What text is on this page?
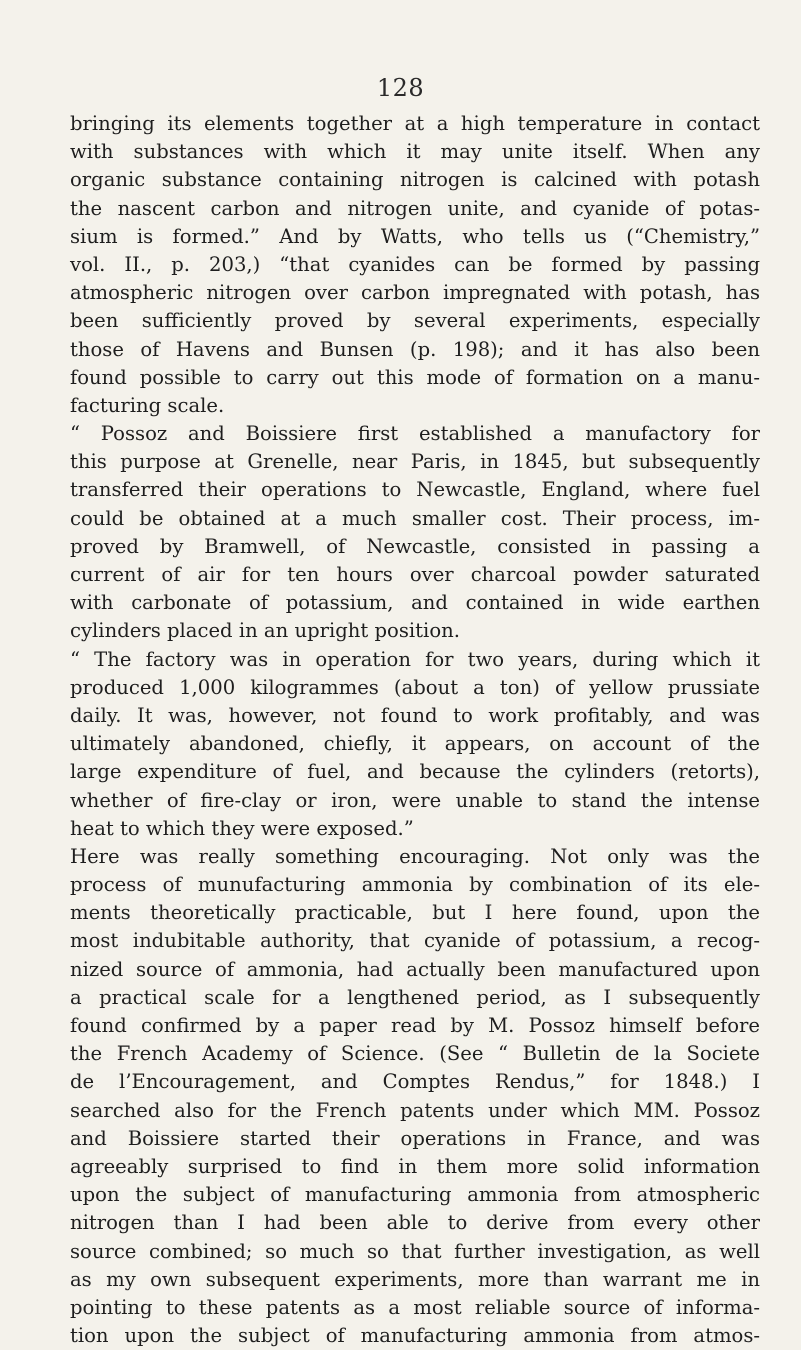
128
bringing its elements together at a high temperature in contact
with substances with which it may unite itself. When any
organic substance containing nitrogen is calcined with potash
the nascent carbon and nitrogen unite, and cyanide of potas-
sium is formed.” And by Watts, who tells us (“Chemistry,”
vol. II., p. 203,) “that cyanides can be formed by passing
atmospheric nitrogen over carbon impregnated with potash, has
been sufficiently proved by several experiments, especially
those of Havens and Bunsen (p. 198); and it has also been
found possible to carry out this mode of formation on a manu-
facturing scale.
“ Possoz and Boissiere first established a manufactory for
this purpose at Grenelle, near Paris, in 1845, but subsequently
transferred their operations to Newcastle, England, where fuel
could be obtained at a much smaller cost. Their process, im-
proved by Bramwell, of Newcastle, consisted in passing a
current of air for ten hours over charcoal powder saturated
with carbonate of potassium, and contained in wide earthen
cylinders placed in an upright position.
“ The factory was in operation for two years, during which it
produced 1,000 kilogrammes (about a ton) of yellow prussiate
daily. It was, however, not found to work profitably, and was
ultimately abandoned, chiefly, it appears, on account of the
large expenditure of fuel, and because the cylinders (retorts),
whether of fire-clay or iron, were unable to stand the intense
heat to which they were exposed.”
Here was really something encouraging. Not only was the
process of munufacturing ammonia by combination of its ele-
ments theoretically practicable, but I here found, upon the
most indubitable authority, that cyanide of potassium, a recog-
nized source of ammonia, had actually been manufactured upon
a practical scale for a lengthened period, as I subsequently
found confirmed by a paper read by M. Possoz himself before
the French Academy of Science. (See “ Bulletin de la Societe
de l’Encouragement, and Comptes Rendus,” for 1848.) I
searched also for the French patents under which MM. Possoz
and Boissiere started their operations in France, and was
agreeably surprised to find in them more solid information
upon the subject of manufacturing ammonia from atmospheric
nitrogen than I had been able to derive from every other
source combined; so much so that further investigation, as well
as my own subsequent experiments, more than warrant me in
pointing to these patents as a most reliable source of informa-
tion upon the subject of manufacturing ammonia from atmos-
